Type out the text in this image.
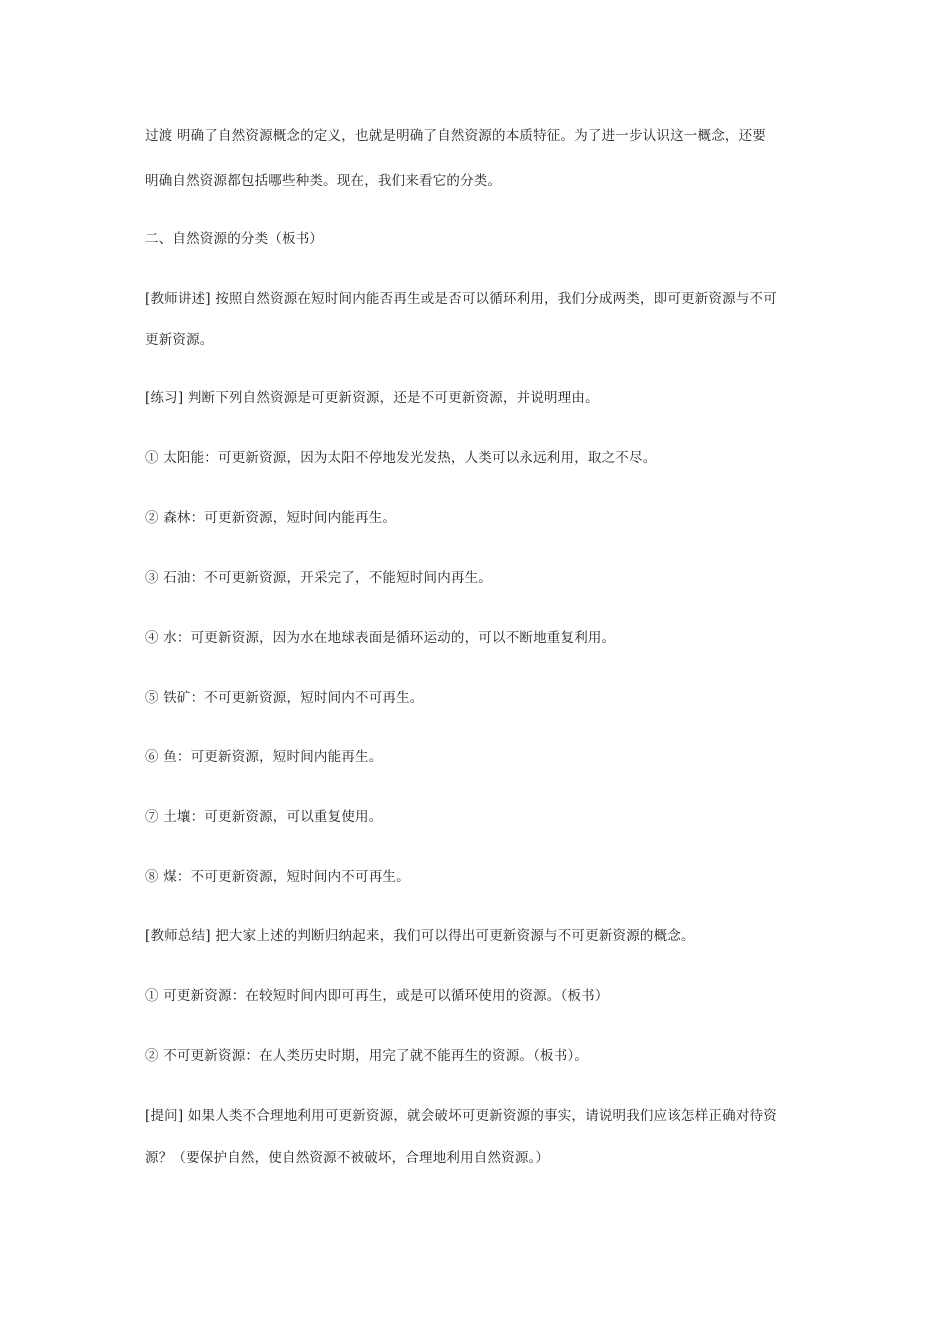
过渡 明确了自然资源概念的定义，也就是明确了自然资源的本质特征。为了进一步认识这一概念，还要
明确自然资源都包括哪些种类。现在，我们来看它的分类。
二、自然资源的分类（板书）
[教师讲述] 按照自然资源在短时间内能否再生或是否可以循环利用，我们分成两类，即可更新资源与不可
更新资源。
[练习] 判断下列自然资源是可更新资源，还是不可更新资源，并说明理由。
① 太阳能：可更新资源，因为太阳不停地发光发热，人类可以永远利用，取之不尽。
② 森林：可更新资源，短时间内能再生。
③ 石油：不可更新资源，开采完了，不能短时间内再生。
④ 水：可更新资源，因为水在地球表面是循环运动的，可以不断地重复利用。
⑤ 铁矿：不可更新资源，短时间内不可再生。
⑥ 鱼：可更新资源，短时间内能再生。
⑦ 土壤：可更新资源，可以重复使用。
⑧ 煤：不可更新资源，短时间内不可再生。
[教师总结] 把大家上述的判断归纳起来，我们可以得出可更新资源与不可更新资源的概念。
① 可更新资源：在较短时间内即可再生，或是可以循环使用的资源。（板书）
② 不可更新资源：在人类历史时期，用完了就不能再生的资源。（板书）。
[提问] 如果人类不合理地利用可更新资源，就会破坏可更新资源的事实，请说明我们应该怎样正确对待资
源？（要保护自然，使自然资源不被破坏，合理地利用自然资源。）
